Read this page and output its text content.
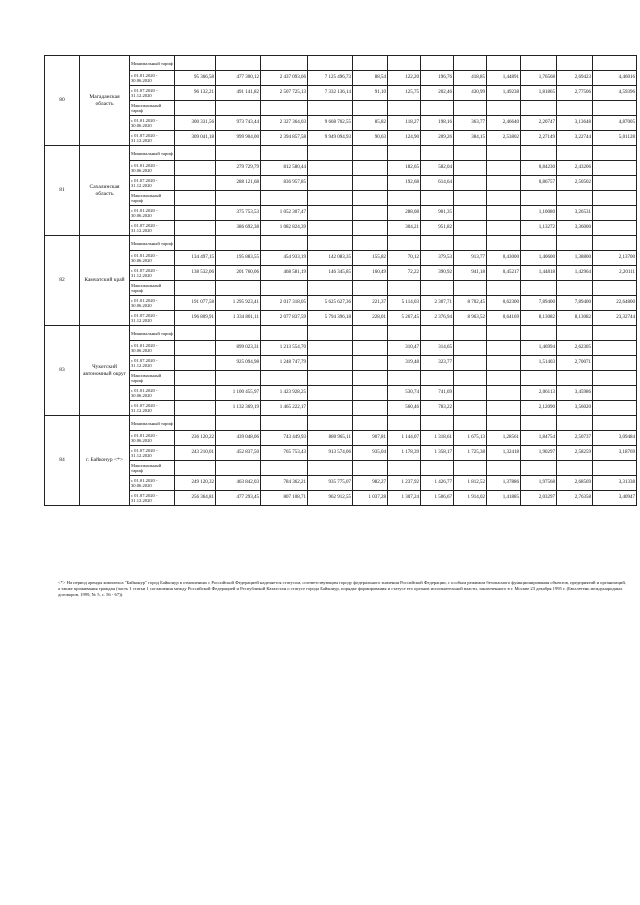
80	Магаданская область	Минимальный тариф												
		с 01.01.2020 - 30.06.2020	95 366,58	477 300,12	2 437 093,66	7 125 496,73	88,54	122,20	196,76	418,85	1,44891	1,76568	2,69423	4,46016
		с 01.07.2020 - 31.12.2020	96 132,21	491 141,82	2 507 725,13	7 332 136,14	91,10	125,75	202,46	430,99	1,49238	1,81865	2,77506	4,59396
		Максимальный тариф												
		с 01.01.2020 - 30.06.2020	300 331,56	973 743,44	2 327 364,03	9 668 702,55	85,82	118,27	198,16	363,77	2,46640	2,20747	3,13648	4,87005
		с 01.07.2020 - 31.12.2020	309 041,18	999 904,00	2 394 857,58	9 949 094,93	90,63	124,90	209,26	384,15	2,53802	2,27149	3,22744	5,01128
81	Сахалинская область	Минимальный тариф												
		с 01.01.2020 - 30.06.2020		279 729,79	812 580,44			182,65	582,04			0,84230	2,43206	
		с 01.07.2020 - 31.12.2020		288 121,68	836 957,85			192,68	614,64			0,86757	2,50502	
		Максимальный тариф												
		с 01.01.2020 - 30.06.2020		375 753,53	1 052 307,47			288,08	901,35			1,10080	3,26531	
		с 01.07.2020 - 31.12.2020		386 692,38	1 082 824,39			304,21	951,82			1,13272	3,36000	
82	Камчатский край	Минимальный тариф												
		с 01.01.2020 - 30.06.2020	134 497,15	195 883,55	454 933,19	142 083,35	155,82	70,12	379,53	913,77	0,43000	1,40600	1,38800	2,13700
		с 01.07.2020 - 31.12.2020	138 532,06	201 760,06	468 581,19	146 345,85	160,49	72,22	390,92	941,18	0,45217	1,44818	1,42964	2,20111
		Максимальный тариф												
		с 01.01.2020 - 30.06.2020	191 077,58	1 295 923,41	2 017 318,05	5 625 627,36	221,37	5 114,03	2 307,71	8 702,45	0,62300	7,89400	7,89400	22,64800
		с 01.07.2020 - 31.12.2020	196 809,91	1 334 801,11	2 077 837,59	5 794 396,18	228,01	5 267,45	2 376,94	8 963,52	0,64169	8,13082	8,13082	23,32744
83	Чукотский автономный округ	Минимальный тариф												
		с 01.01.2020 - 30.06.2020		899 023,31	1 213 554,70			310,47	314,65			1,46994	2,62305	
		с 01.07.2020 - 31.12.2020		925 094,98	1 248 747,79			319,48	323,77			1,51403	2,70071	
		Максимальный тариф												
		с 01.01.2020 - 30.06.2020		1 100 455,97	1 423 928,25			530,74	741,69			2,06113	3,45986	
		с 01.07.2020 - 31.12.2020		1 132 369,19	1 465 222,17			560,46	783,22			2,12090	3,56020	
84	г. Байконур <*>	Минимальный тариф												
		с 01.01.2020 - 30.06.2020	236 120,22	439 048,06	743 449,93	880 965,11	907,81	1 144,07	1 318,61	1 675,13	1,28561	1,84754	2,50737	3,09484
		с 01.07.2020 - 31.12.2020	243 210,01	452 837,50	765 753,43	913 574,06	935,04	1 178,39	1 358,17	1 725,38	1,32418	1,90297	2,58259	3,18769
		Максимальный тариф												
		с 01.01.2020 - 30.06.2020	249 120,32	463 842,03	784 362,21	935 775,07	982,27	1 237,92	1 426,77	1 812,52	1,37886	1,97568	2,68569	3,31338
		с 01.07.2020 - 31.12.2020	256 364,81	477 293,45	807 108,71	962 912,55	1 037,28	1 307,24	1 506,67	1 914,02	1,41885	2,03297	2,76358	3,40947
<*> На период аренды комплекса "Байконур" город Байконур в отношениях с Российской Федерацией наделяется статусом, соответствующим городу федерального значения Российской Федерации, с особым режимом безопасного функционирования объектов, предприятий и организаций, а также проживания граждан (часть 1 статьи 1 соглашения между Российской Федерацией и Республикой Казахстан о статусе города Байконур, порядке формирования и статусе его органов исполнительной власти, заключенного в г. Москве 23 декабря 1995 г. (Бюллетень международных договоров, 1999, № 5, с. 56 - 67)).
